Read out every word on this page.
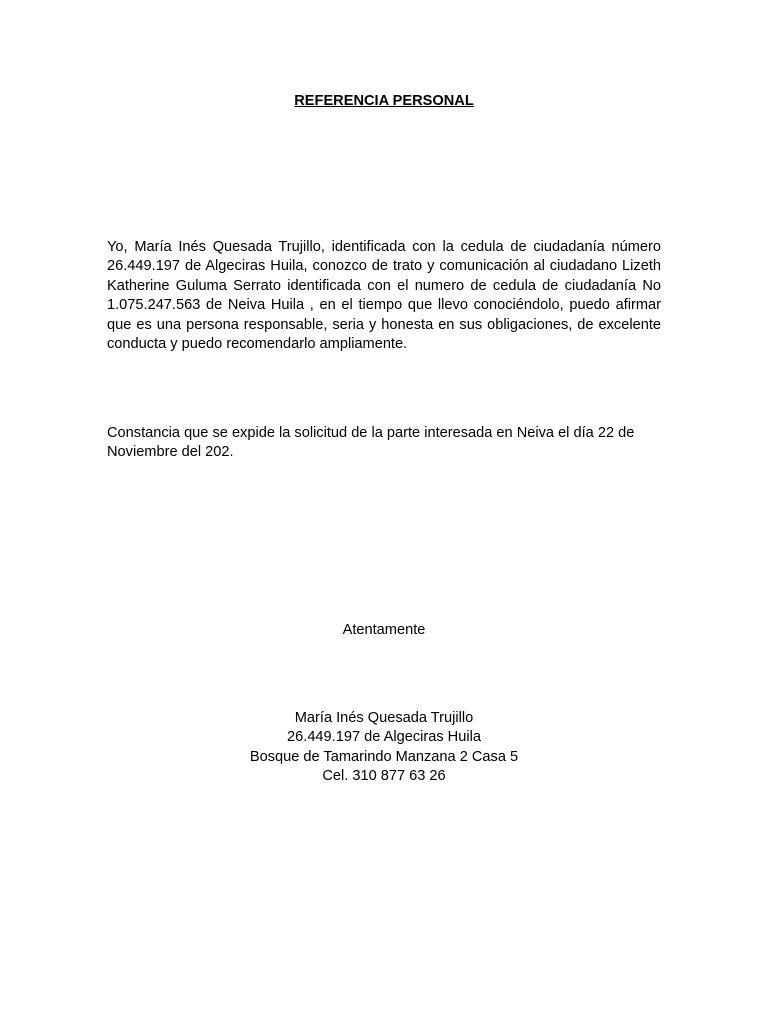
REFERENCIA PERSONAL
Yo, María Inés Quesada Trujillo, identificada con la cedula de ciudadanía número 26.449.197 de Algeciras Huila, conozco de trato y comunicación al ciudadano Lizeth Katherine Guluma Serrato identificada con el numero de cedula de ciudadanía No 1.075.247.563 de Neiva Huila , en el tiempo que llevo conociéndolo, puedo afirmar que es una persona responsable, seria y honesta en sus obligaciones, de excelente conducta y puedo recomendarlo ampliamente.
Constancia que se expide la solicitud de la parte interesada en Neiva el día 22 de Noviembre del 202.
Atentamente
María Inés Quesada Trujillo
26.449.197 de Algeciras Huila
Bosque de Tamarindo Manzana 2 Casa 5
Cel. 310 877 63 26
